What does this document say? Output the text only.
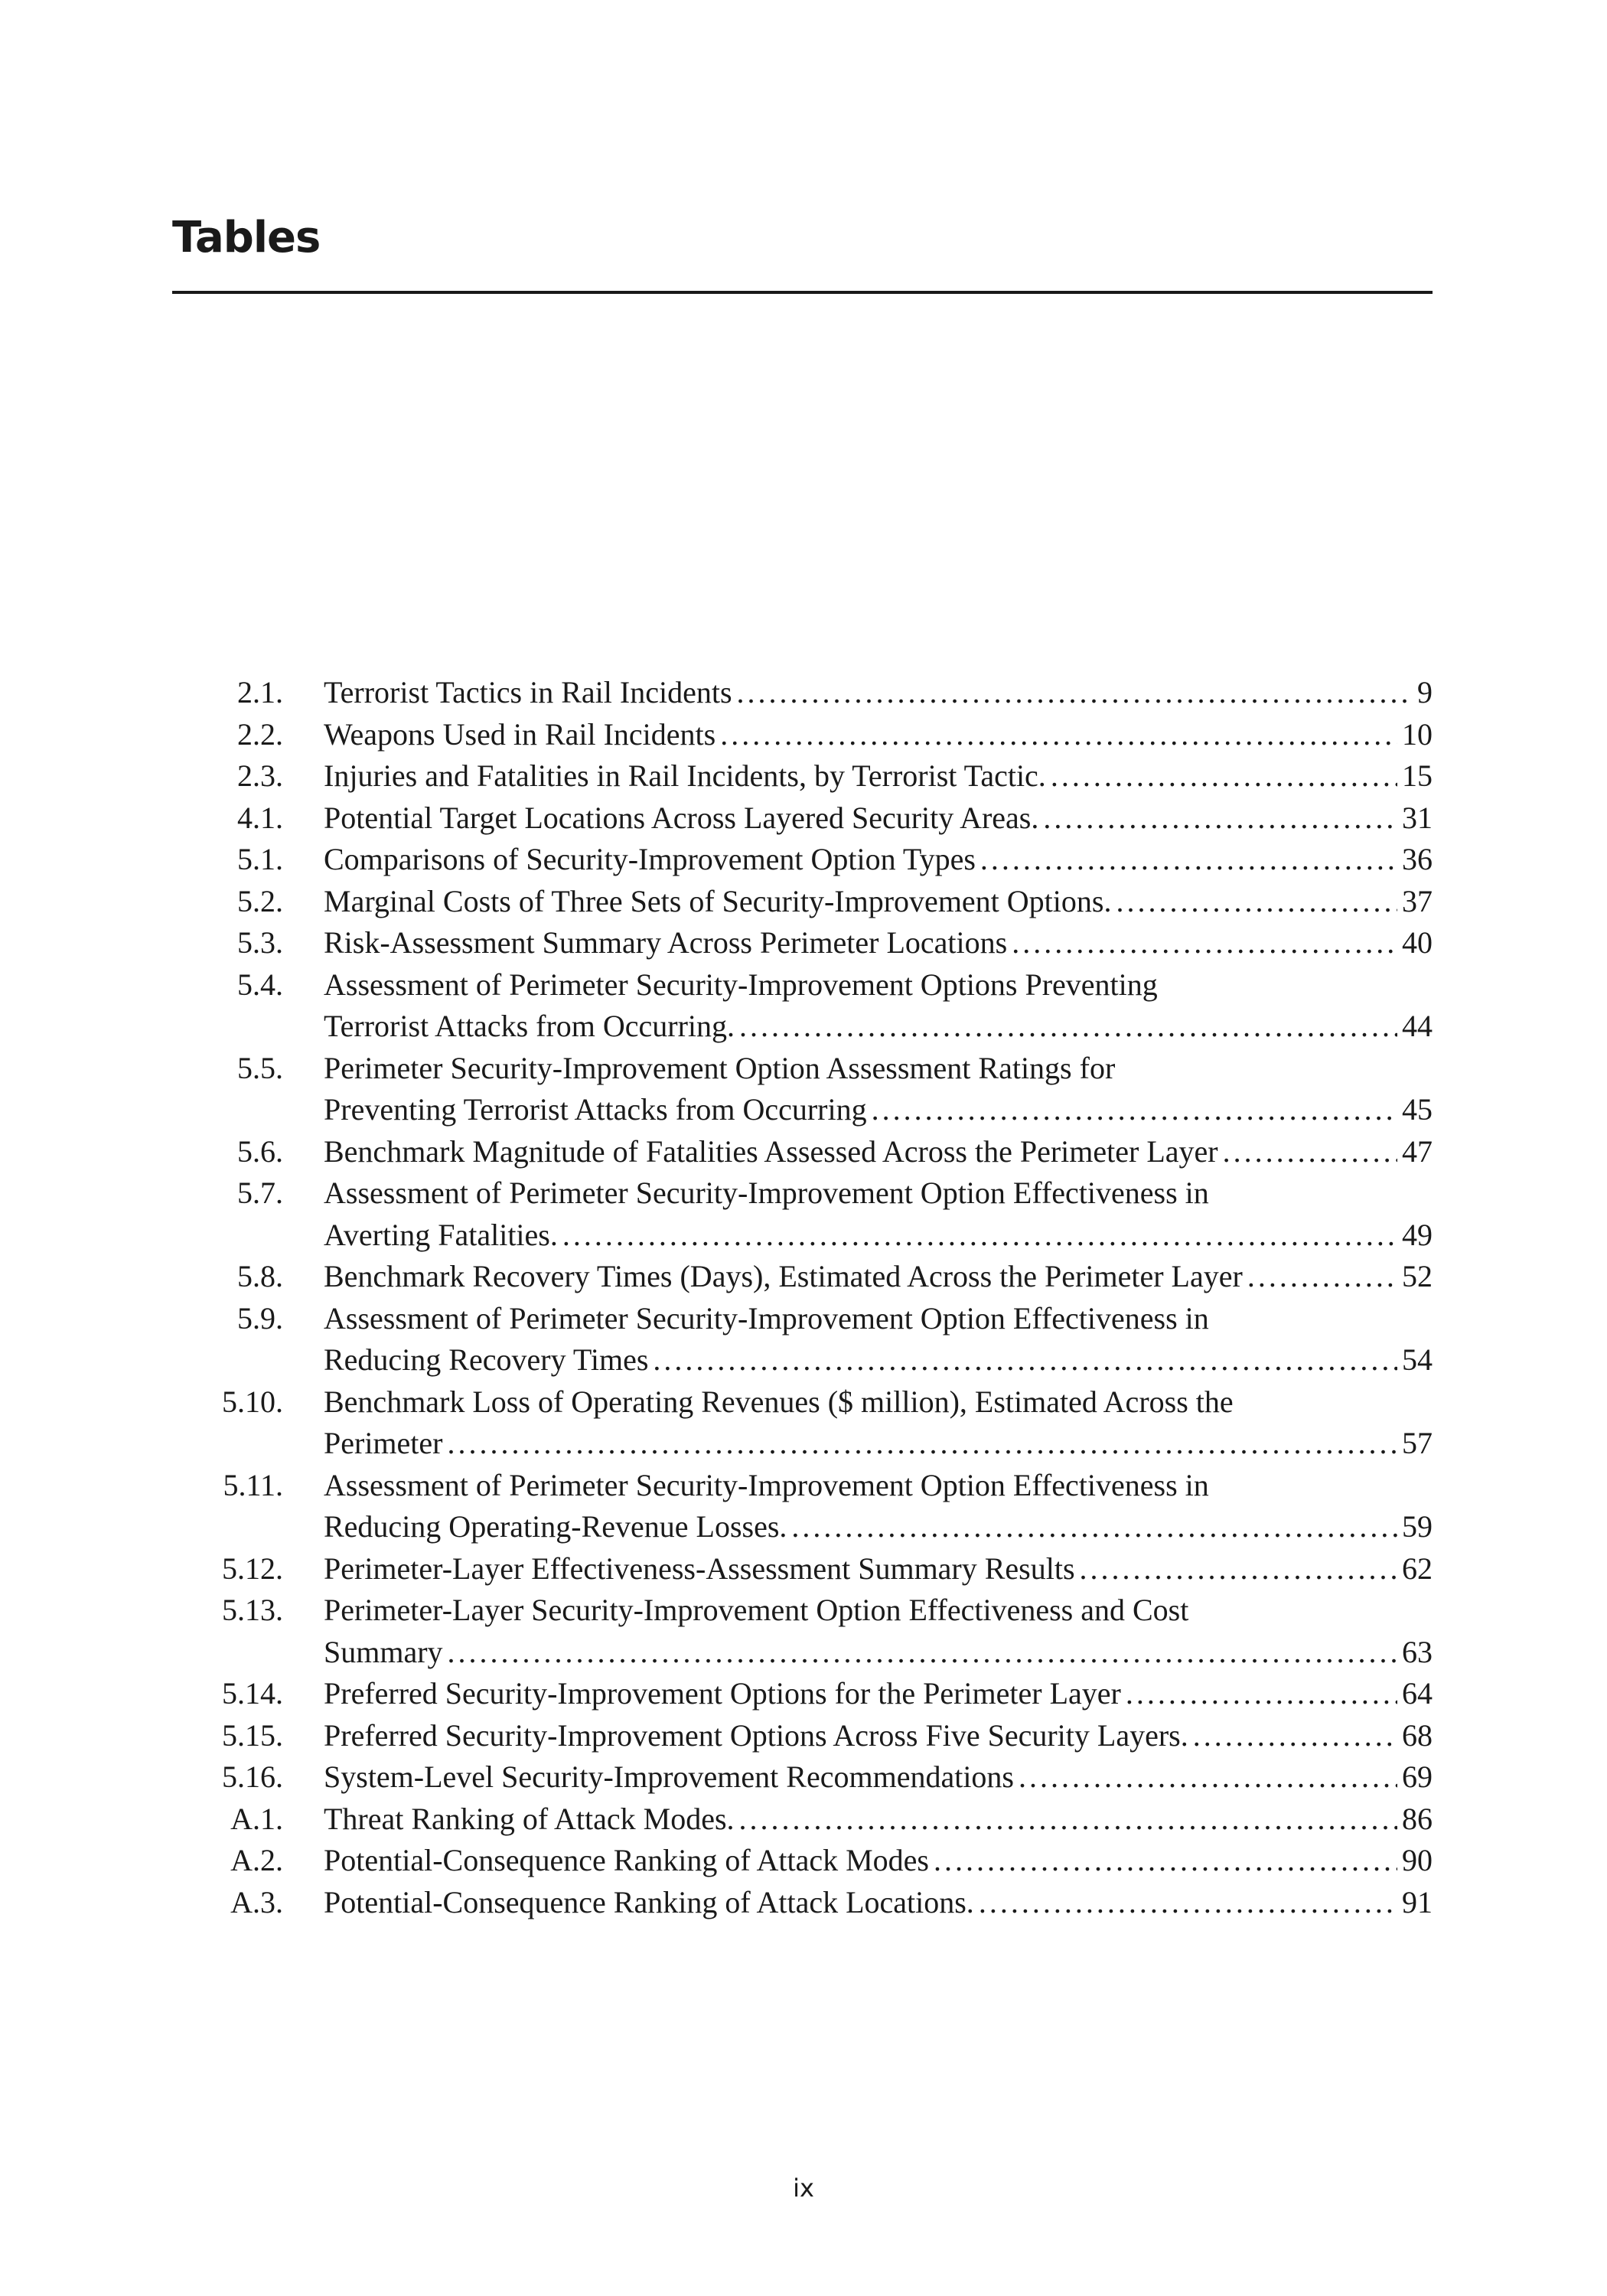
Tables
2.1. Terrorist Tactics in Rail Incidents . . .	9
2.2. Weapons Used in Rail Incidents . . .	10
2.3. Injuries and Fatalities in Rail Incidents, by Terrorist Tactic. . . .	15
4.1. Potential Target Locations Across Layered Security Areas. . . .	31
5.1. Comparisons of Security-Improvement Option Types . . .	36
5.2. Marginal Costs of Three Sets of Security-Improvement Options. . . .	37
5.3. Risk-Assessment Summary Across Perimeter Locations . . .	40
5.4. Assessment of Perimeter Security-Improvement Options Preventing
Terrorist Attacks from Occurring. . . .	44
5.5. Perimeter Security-Improvement Option Assessment Ratings for
Preventing Terrorist Attacks from Occurring . . .	45
5.6. Benchmark Magnitude of Fatalities Assessed Across the Perimeter Layer . . .	47
5.7. Assessment of Perimeter Security-Improvement Option Effectiveness in
Averting Fatalities. . . .	49
5.8. Benchmark Recovery Times (Days), Estimated Across the Perimeter Layer . . .	52
5.9. Assessment of Perimeter Security-Improvement Option Effectiveness in
Reducing Recovery Times . . .	54
5.10. Benchmark Loss of Operating Revenues ($ million), Estimated Across the
Perimeter . . .	57
5.11. Assessment of Perimeter Security-Improvement Option Effectiveness in
Reducing Operating-Revenue Losses. . . .	59
5.12. Perimeter-Layer Effectiveness-Assessment Summary Results . . .	62
5.13. Perimeter-Layer Security-Improvement Option Effectiveness and Cost
Summary . . .	63
5.14. Preferred Security-Improvement Options for the Perimeter Layer . . .	64
5.15. Preferred Security-Improvement Options Across Five Security Layers. . . .	68
5.16. System-Level Security-Improvement Recommendations . . .	69
A.1. Threat Ranking of Attack Modes. . . .	86
A.2. Potential-Consequence Ranking of Attack Modes . . .	90
A.3. Potential-Consequence Ranking of Attack Locations. . . .	91
ix
